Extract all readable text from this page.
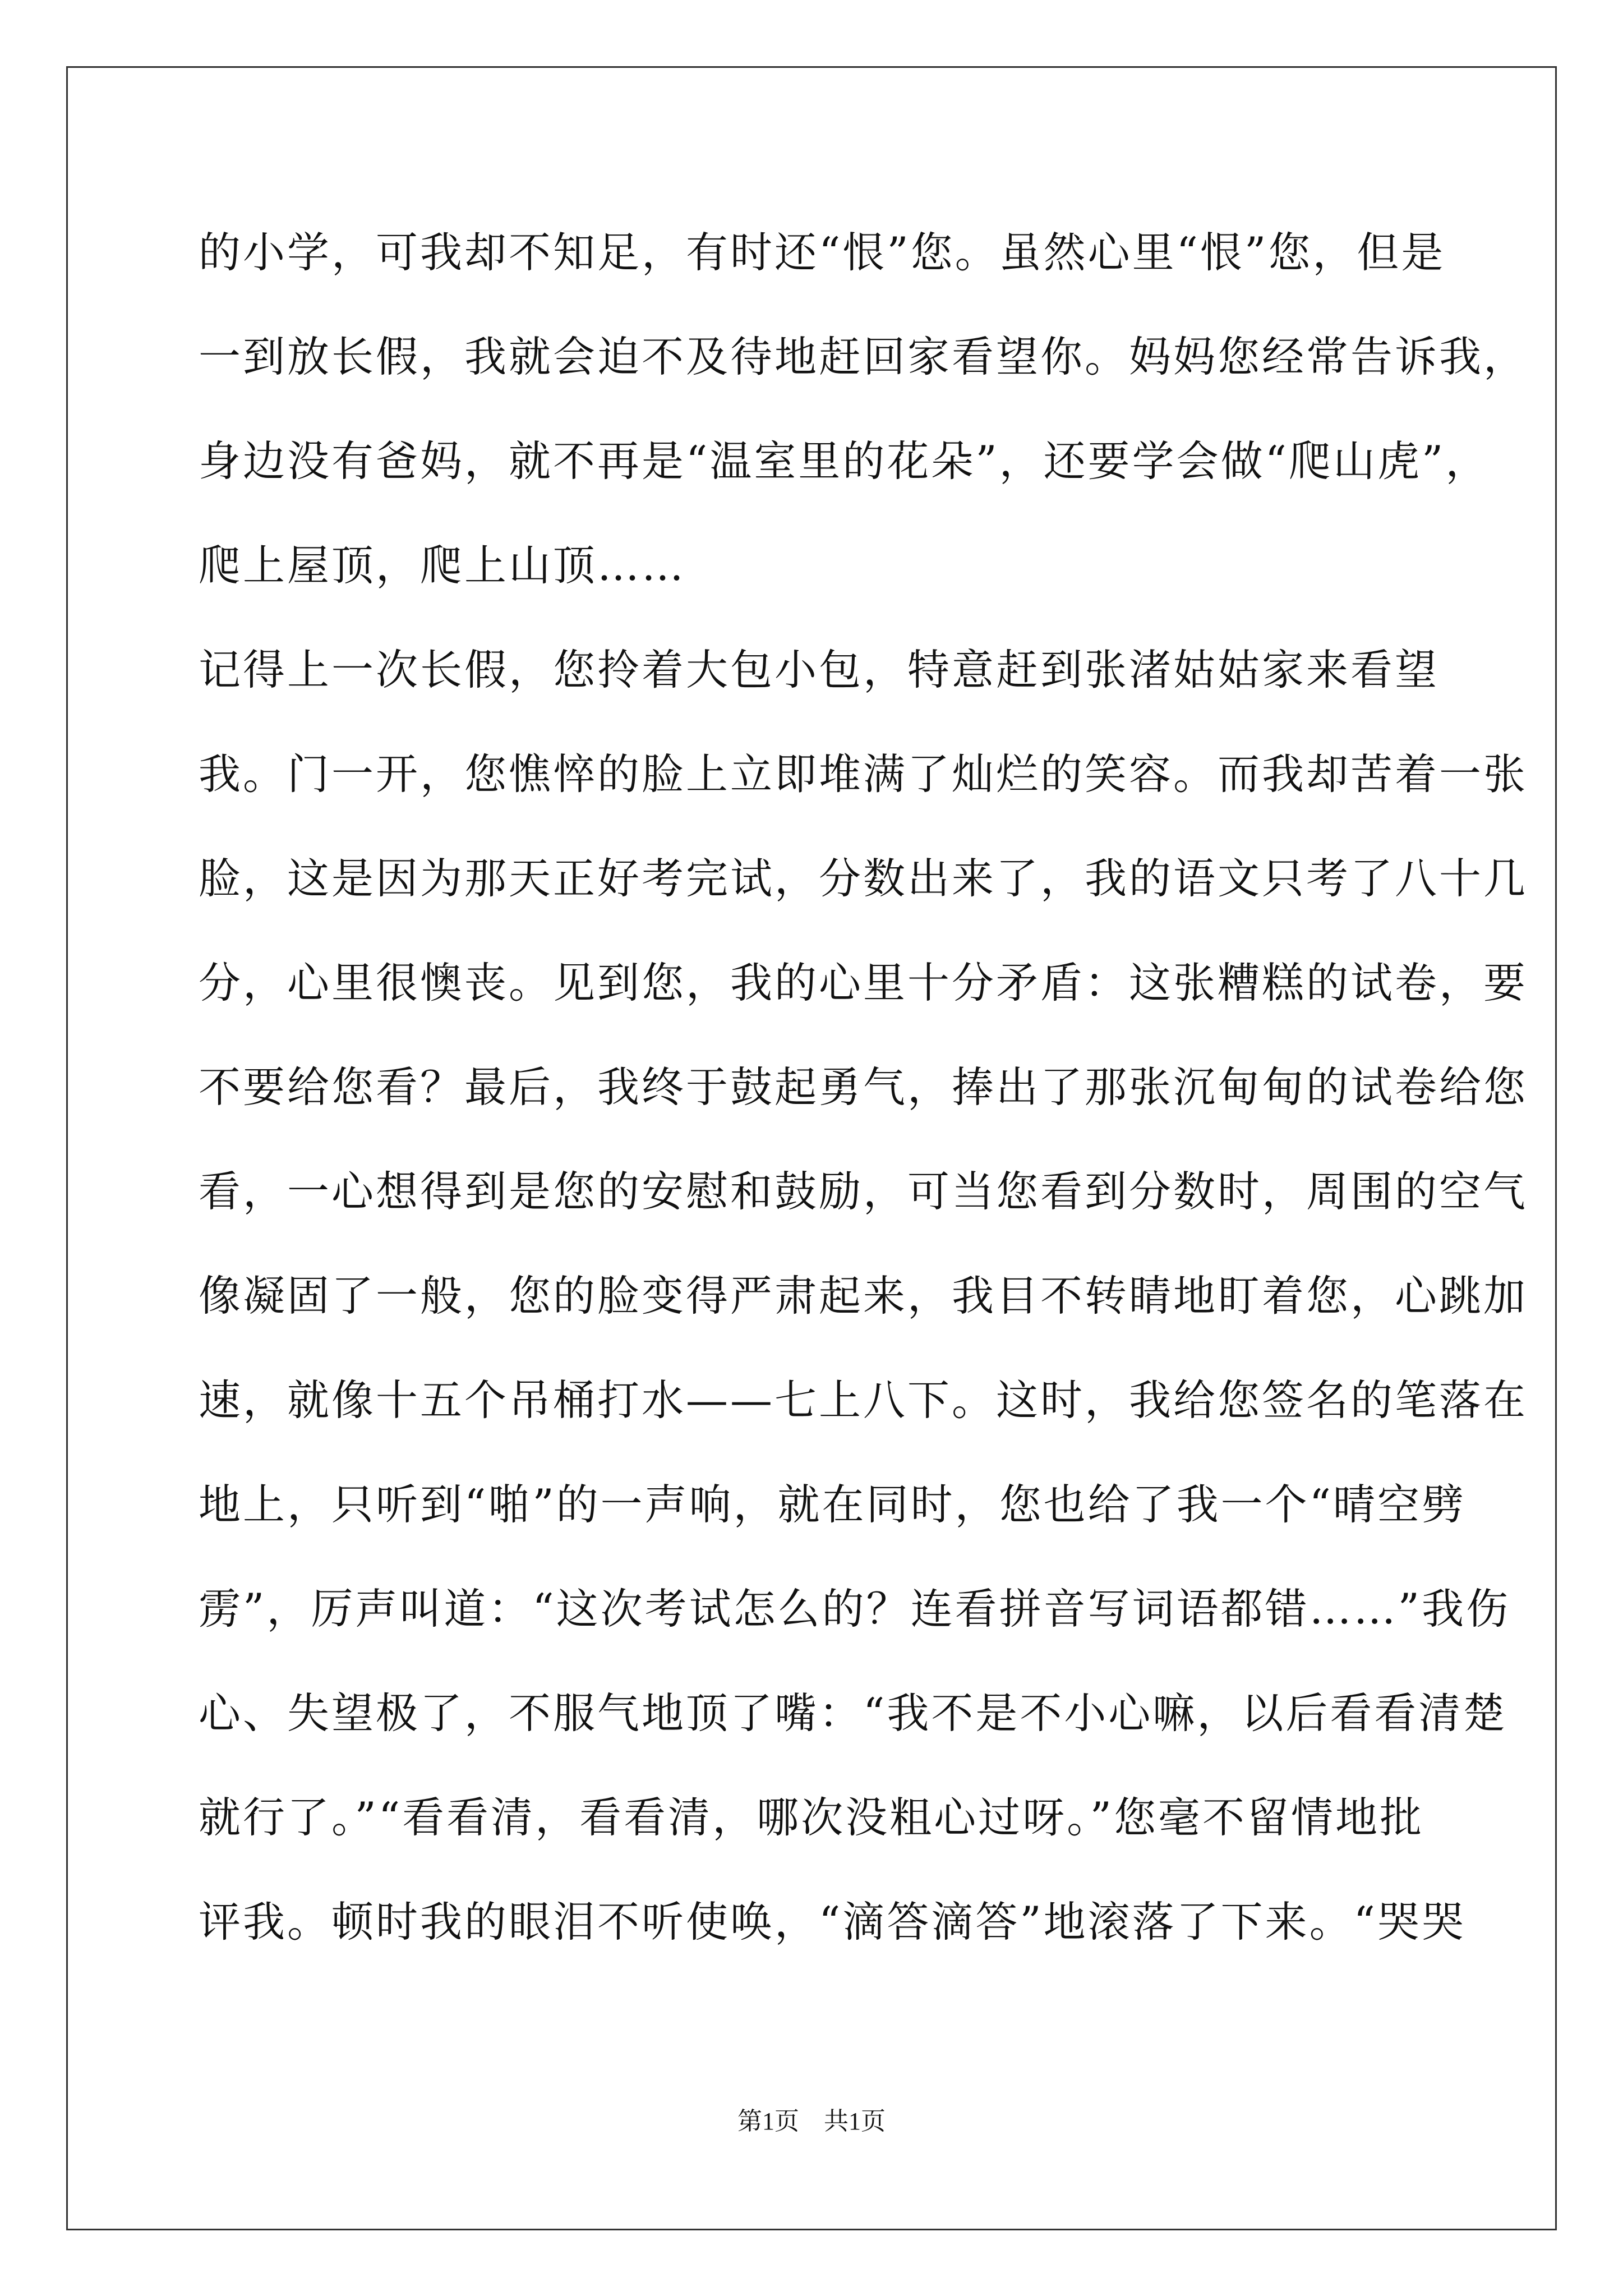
的小学，可我却不知足，有时还“恨”您。虽然心里“恨”您，但是
一到放长假，我就会迫不及待地赶回家看望你。妈妈您经常告诉我，
身边没有爸妈，就不再是“温室里的花朵”，还要学会做“爬山虎”，
爬上屋顶，爬上山顶……
记得上一次长假，您拎着大包小包，特意赶到张渚姑姑家来看望
我。门一开，您憔悴的脸上立即堆满了灿烂的笑容。而我却苦着一张
脸，这是因为那天正好考完试，分数出来了，我的语文只考了八十几
分，心里很懊丧。见到您，我的心里十分矛盾：这张糟糕的试卷，要
不要给您看？最后，我终于鼓起勇气，捧出了那张沉甸甸的试卷给您
看，一心想得到是您的安慰和鼓励，可当您看到分数时，周围的空气
像凝固了一般，您的脸变得严肃起来，我目不转睛地盯着您，心跳加
速，就像十五个吊桶打水——七上八下。这时，我给您签名的笔落在
地上，只听到“啪”的一声响，就在同时，您也给了我一个“晴空劈
雳”，厉声叫道：“这次考试怎么的？连看拼音写词语都错……”我伤
心、失望极了，不服气地顶了嘴：“我不是不小心嘛，以后看看清楚
就行了。”“看看清，看看清，哪次没粗心过呀。”您毫不留情地批
评我。顿时我的眼泪不听使唤，“滴答滴答”地滚落了下来。“哭哭
第1页　共1页
